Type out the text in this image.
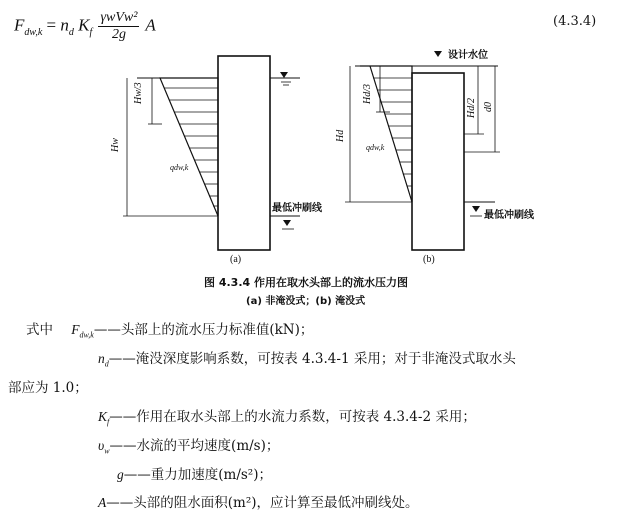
$F_{dw,k} = n_d$ $K_f$
γwVw²
2g
A	(4.3.4)
Hw/3
Hw
qdw,k
最低冲刷线
(a)
设计水位
Hd/3
Hd/2 d0
Hd
qdw,k
最低冲刷线
(b)
图 4.3.4 作用在取水头部上的流水压力图
(a) 非淹没式；(b) 淹没式
式中 $F_{dw,k}——$头部上的流水压力标准值(kN)；
$n_d——$淹没深度影响系数，可按表 4.3.4-1 采用；对于非淹没式取水头
部应为 1.0；
$K_f——$作用在取水头部上的水流力系数，可按表 4.3.4-2 采用；
$\upsilon_w——$水流的平均速度(m/s)；
g——重力加速度(m/s²)；
A——头部的阻水面积(m²)，应计算至最低冲刷线处。
